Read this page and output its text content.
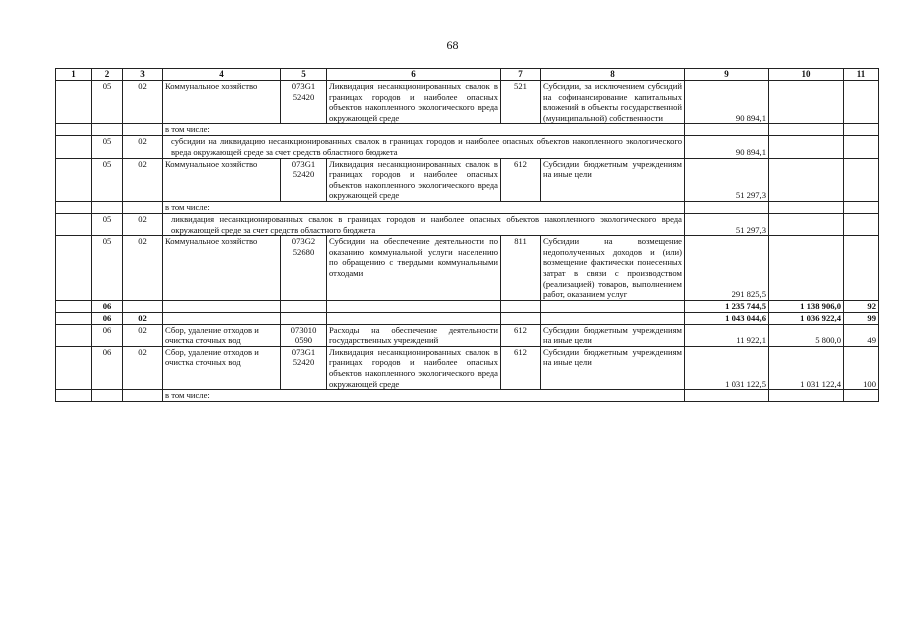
68
1	2	3	4	5	6	7	8	9	10	11	
	05	02	Коммунальное хозяйство	073G1 52420	Ликвидация несанкционированных свалок в границах городов и наиболее опасных объектов накопленного экологического вреда окружающей среде	521	Субсидии, за исключением субсидий на софинансирование капитальных вложений в объекты государственной (муниципальной) собственности	90 894,1			
			в том числе:								
	05	02	субсидии на ликвидацию несанкционированных свалок в границах городов и наиболее опасных объектов накопленного экологического вреда окружающей среде за счет средств областного бюджета					90 894,1			
	05	02	Коммунальное хозяйство	073G1 52420	Ликвидация несанкционированных свалок в границах городов и наиболее опасных объектов накопленного экологического вреда окружающей среде	612	Субсидии бюджетным учреждениям на иные цели	51 297,3			
			в том числе:								
	05	02	ликвидация несанкционированных свалок в границах городов и наиболее опасных объектов накопленного экологического вреда окружающей среде за счет средств областного бюджета					51 297,3			
	05	02	Коммунальное хозяйство	073G2 52680	Субсидии на обеспечение деятельности по оказанию коммунальной услуги населению по обращению с твердыми коммунальными отходами	811	Субсидии на возмещение недополученных доходов и (или) возмещение фактически понесенных затрат в связи с производством (реализацией) товаров, выполнением работ, оказанием услуг	291 825,5			
	06							1 235 744,5	1 138 906,0	92	
	06	02						1 043 044,6	1 036 922,4	99	
	06	02	Сбор, удаление отходов и очистка сточных вод	073010 0590	Расходы на обеспечение деятельности государственных учреждений	612	Субсидии бюджетным учреждениям на иные цели	11 922,1	5 800,0	49	
	06	02	Сбор, удаление отходов и очистка сточных вод	073G1 52420	Ликвидация несанкционированных свалок в границах городов и наиболее опасных объектов накопленного экологического вреда окружающей среде	612	Субсидии бюджетным учреждениям на иные цели	1 031 122,5	1 031 122,4	100	
			в том числе:								
